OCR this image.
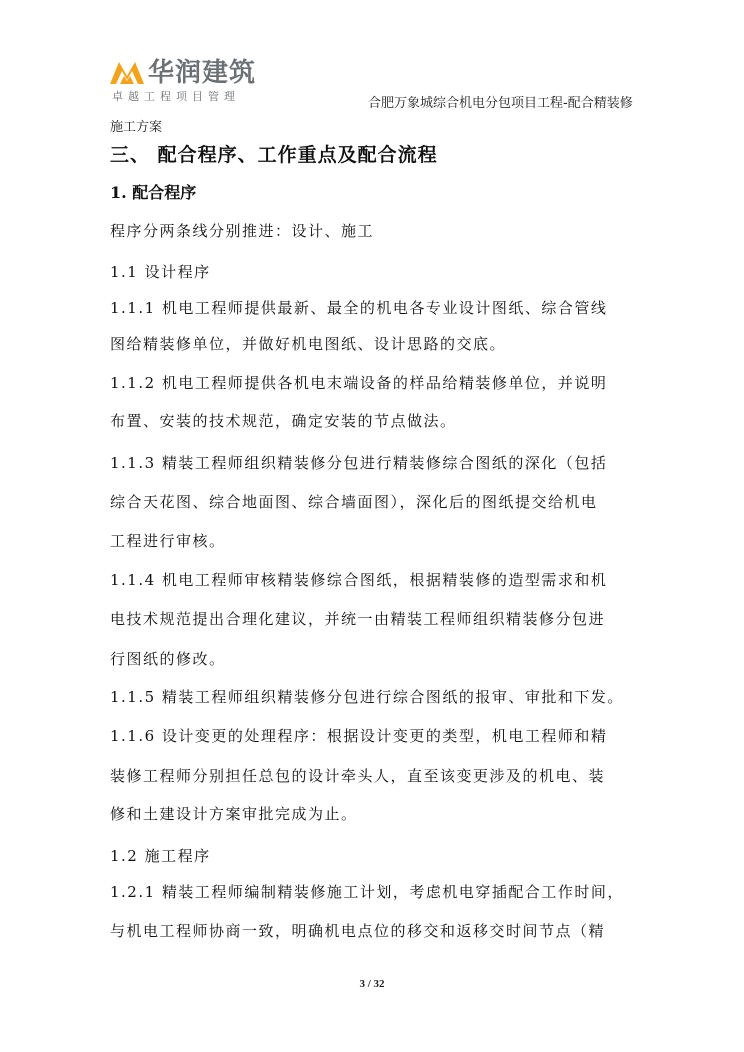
华润建筑
卓越工程项目管理	合肥万象城综合机电分包项目工程-配合精装修
施工方案
三、 配合程序、工作重点及配合流程
1. 配合程序
程序分两条线分别推进：设计、施工
1.1 设计程序
1.1.1 机电工程师提供最新、最全的机电各专业设计图纸、综合管线
图给精装修单位，并做好机电图纸、设计思路的交底。
1.1.2 机电工程师提供各机电末端设备的样品给精装修单位，并说明
布置、安装的技术规范，确定安装的节点做法。
1.1.3 精装工程师组织精装修分包进行精装修综合图纸的深化（包括
综合天花图、综合地面图、综合墙面图），深化后的图纸提交给机电
工程进行审核。
1.1.4 机电工程师审核精装修综合图纸，根据精装修的造型需求和机
电技术规范提出合理化建议，并统一由精装工程师组织精装修分包进
行图纸的修改。
1.1.5 精装工程师组织精装修分包进行综合图纸的报审、审批和下发。
1.1.6 设计变更的处理程序：根据设计变更的类型，机电工程师和精
装修工程师分别担任总包的设计牵头人，直至该变更涉及的机电、装
修和土建设计方案审批完成为止。
1.2 施工程序
1.2.1 精装工程师编制精装修施工计划，考虑机电穿插配合工作时间，
与机电工程师协商一致，明确机电点位的移交和返移交时间节点（精
3 / 32
